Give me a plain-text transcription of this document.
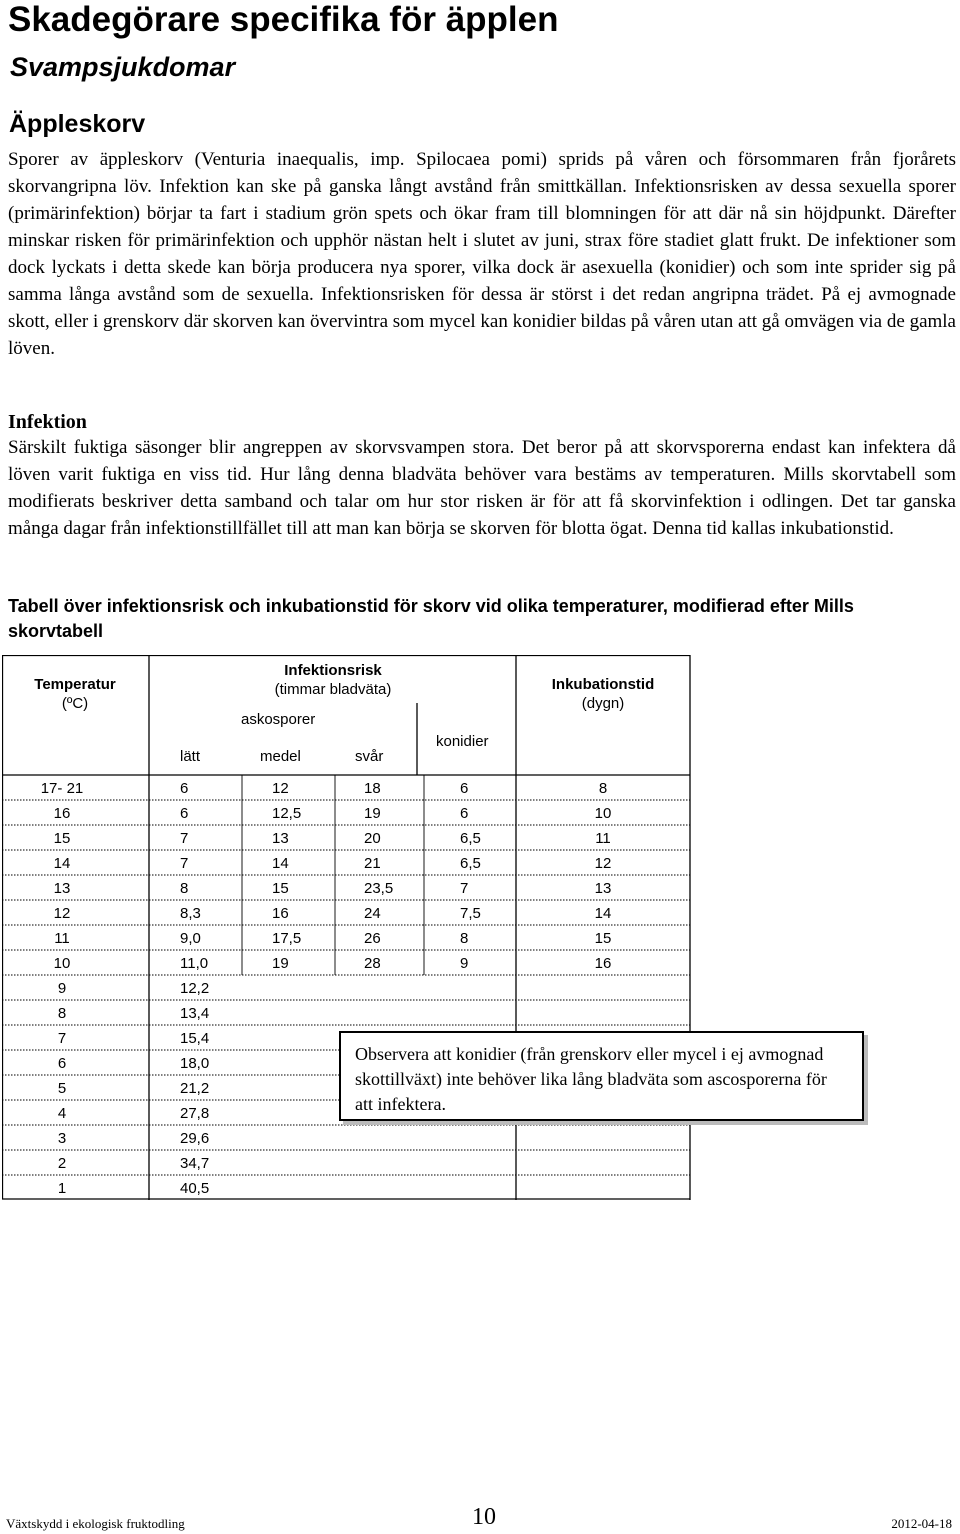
Skadegörare specifika för äpplen
Svampsjukdomar
Äppleskorv

Sporer av äppleskorv (Venturia inaequalis, imp. Spilocaea pomi) sprids på våren och försommaren från fjorårets skorvangripna löv. Infektion kan ske på ganska långt avstånd från smittkällan. Infektionsrisken av dessa sexuella sporer (primärinfektion) börjar ta fart i stadium grön spets och ökar fram till blomningen för att där nå sin höjdpunkt. Därefter minskar risken för primärinfektion och upphör nästan helt i slutet av juni, strax före stadiet glatt frukt. De infektioner som dock lyckats i detta skede kan börja producera nya sporer, vilka dock är asexuella (konidier) och som inte sprider sig på samma långa avstånd som de sexuella. Infektionsrisken för dessa är störst i det redan angripna trädet. På ej avmognade skott, eller i grenskorv där skorven kan övervintra som mycel kan konidier bildas på våren utan att gå omvägen via de gamla löven.

Infektion

Särskilt fuktiga säsonger blir angreppen av skorvsvampen stora. Det beror på att skorvsporerna endast kan infektera då löven varit fuktiga en viss tid. Hur lång denna bladväta behöver vara bestäms av temperaturen. Mills skorvtabell som modifierats beskriver detta samband och talar om hur stor risken är för att få skorvinfektion i odlingen. Det tar ganska många dagar från infektionstillfället till att man kan börja se skorven för blotta ögat. Denna tid kallas inkubationstid.

Tabell över infektionsrisk och inkubationstid för skorv vid olika temperaturer, modifierad efter Mills skorvtabell

Temperatur
(ºC)
Infektionsrisk
(timmar bladväta)
askosporer
lätt	medel	svår
konidier
Inkubationstid
(dygn)
17- 21	6	12	18	6	8
16	6	12,5	19	6	10
15	7	13	20	6,5	11
14	7	14	21	6,5	12
13	8	15	23,5	7	13
12	8,3	16	24	7,5	14
11	9,0	17,5	26	8	15
10	11,0	19	28	9	16
9	12,2
8	13,4
7	15,4
6	18,0
5	21,2
4	27,8
3	29,6
2	34,7
1	40,5
Observera att konidier (från grenskorv eller mycel i ej avmognad skottillväxt) inte behöver lika lång bladväta som ascosporerna för att infektera.
Växtskydd i ekologisk fruktodling	10	2012-04-18
